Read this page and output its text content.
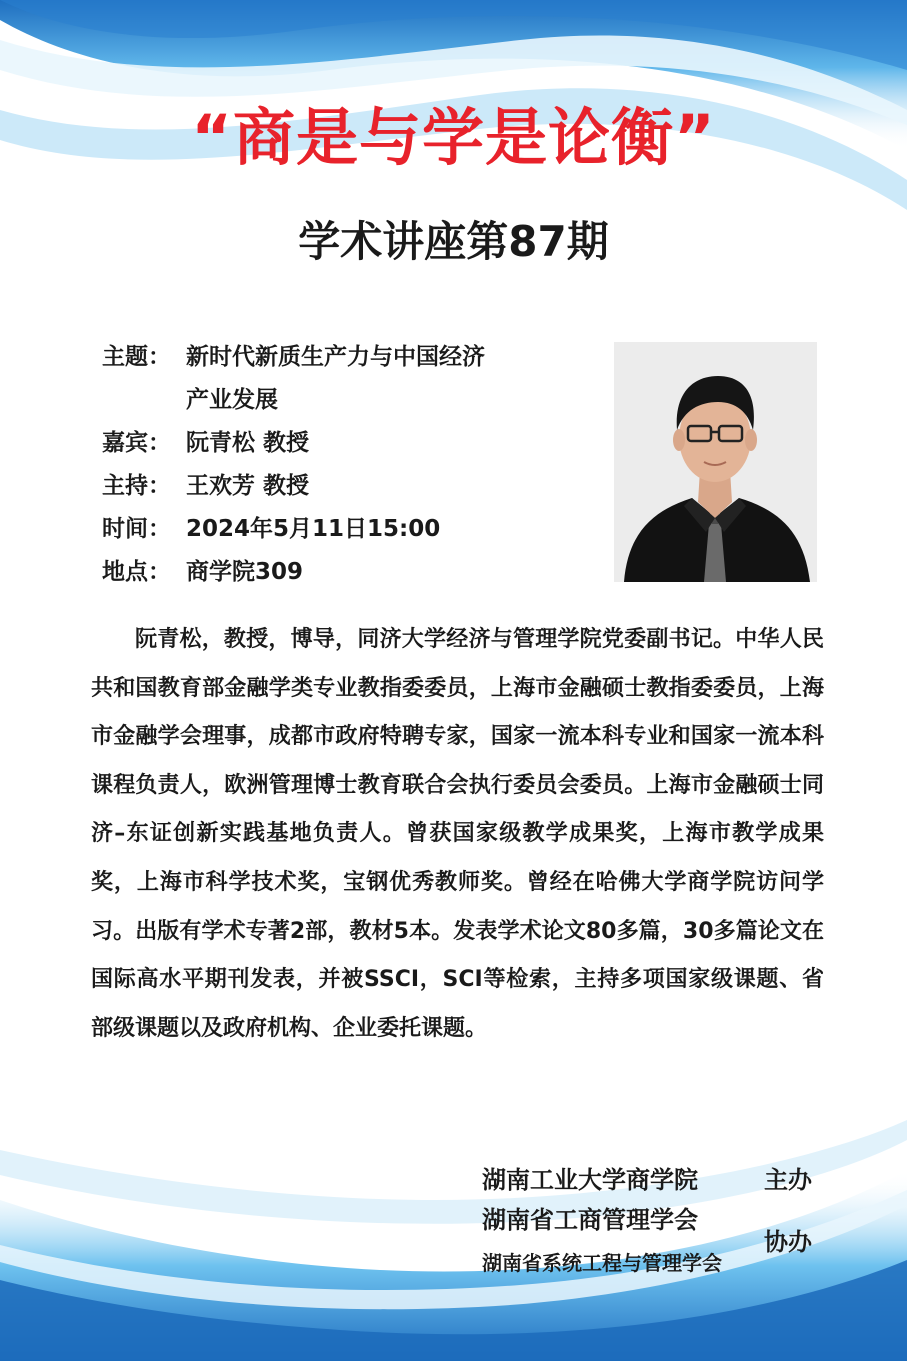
“商是与学是论衡”
学术讲座第87期
主题： 新时代新质生产力与中国经济
产业发展
嘉宾： 阮青松 教授
主持： 王欢芳 教授
时间： 2024年5月11日15:00
地点： 商学院309

阮青松，教授，博导，同济大学经济与管理学院党委副书记。中华人民共和国教育部金融学类专业教指委委员，上海市金融硕士教指委委员，上海市金融学会理事，成都市政府特聘专家，国家一流本科专业和国家一流本科课程负责人，欧洲管理博士教育联合会执行委员会委员。上海市金融硕士同济–东证创新实践基地负责人。曾获国家级教学成果奖，上海市教学成果奖，上海市科学技术奖，宝钢优秀教师奖。曾经在哈佛大学商学院访问学习。出版有学术专著2部，教材5本。发表学术论文80多篇，30多篇论文在国际高水平期刊发表，并被SSCI，SCI等检索，主持多项国家级课题、省部级课题以及政府机构、企业委托课题。

湖南工业大学商学院	主办
湖南省工商管理学会
湖南省系统工程与管理学会
协办
